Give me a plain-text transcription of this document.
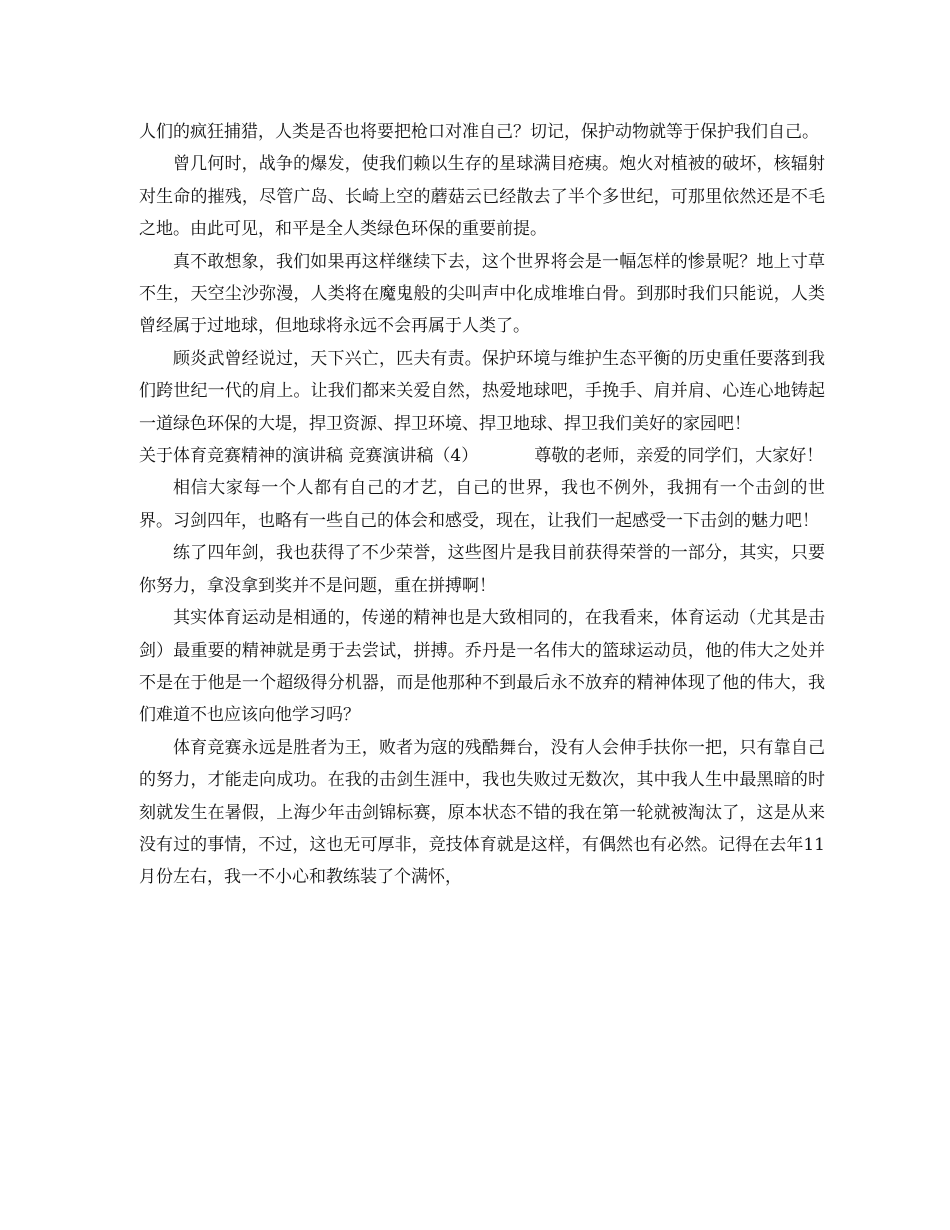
人们的疯狂捕猎，人类是否也将要把枪口对准自己？切记，保护动物就等于保护我们自己。

曾几何时，战争的爆发，使我们赖以生存的星球满目疮痍。炮火对植被的破坏，核辐射对生命的摧残，尽管广岛、长崎上空的蘑菇云已经散去了半个多世纪，可那里依然还是不毛之地。由此可见，和平是全人类绿色环保的重要前提。

真不敢想象，我们如果再这样继续下去，这个世界将会是一幅怎样的惨景呢？地上寸草不生，天空尘沙弥漫，人类将在魔鬼般的尖叫声中化成堆堆白骨。到那时我们只能说，人类曾经属于过地球，但地球将永远不会再属于人类了。

顾炎武曾经说过，天下兴亡，匹夫有责。保护环境与维护生态平衡的历史重任要落到我们跨世纪一代的肩上。让我们都来关爱自然，热爱地球吧，手挽手、肩并肩、心连心地铸起一道绿色环保的大堤，捍卫资源、捍卫环境、捍卫地球、捍卫我们美好的家园吧！

关于体育竞赛精神的演讲稿 竞赛演讲稿（4）	尊敬的老师，亲爱的同学们，大家好！

相信大家每一个人都有自己的才艺，自己的世界，我也不例外，我拥有一个击剑的世界。习剑四年，也略有一些自己的体会和感受，现在，让我们一起感受一下击剑的魅力吧！

练了四年剑，我也获得了不少荣誉，这些图片是我目前获得荣誉的一部分，其实，只要你努力，拿没拿到奖并不是问题，重在拼搏啊！

其实体育运动是相通的，传递的精神也是大致相同的，在我看来，体育运动（尤其是击剑）最重要的精神就是勇于去尝试，拼搏。乔丹是一名伟大的篮球运动员，他的伟大之处并不是在于他是一个超级得分机器，而是他那种不到最后永不放弃的精神体现了他的伟大，我们难道不也应该向他学习吗？

体育竞赛永远是胜者为王，败者为寇的残酷舞台，没有人会伸手扶你一把，只有靠自己的努力，才能走向成功。在我的击剑生涯中，我也失败过无数次，其中我人生中最黑暗的时刻就发生在暑假，上海少年击剑锦标赛，原本状态不错的我在第一轮就被淘汰了，这是从来没有过的事情，不过，这也无可厚非，竞技体育就是这样，有偶然也有必然。记得在去年11月份左右，我一不小心和教练装了个满怀，
